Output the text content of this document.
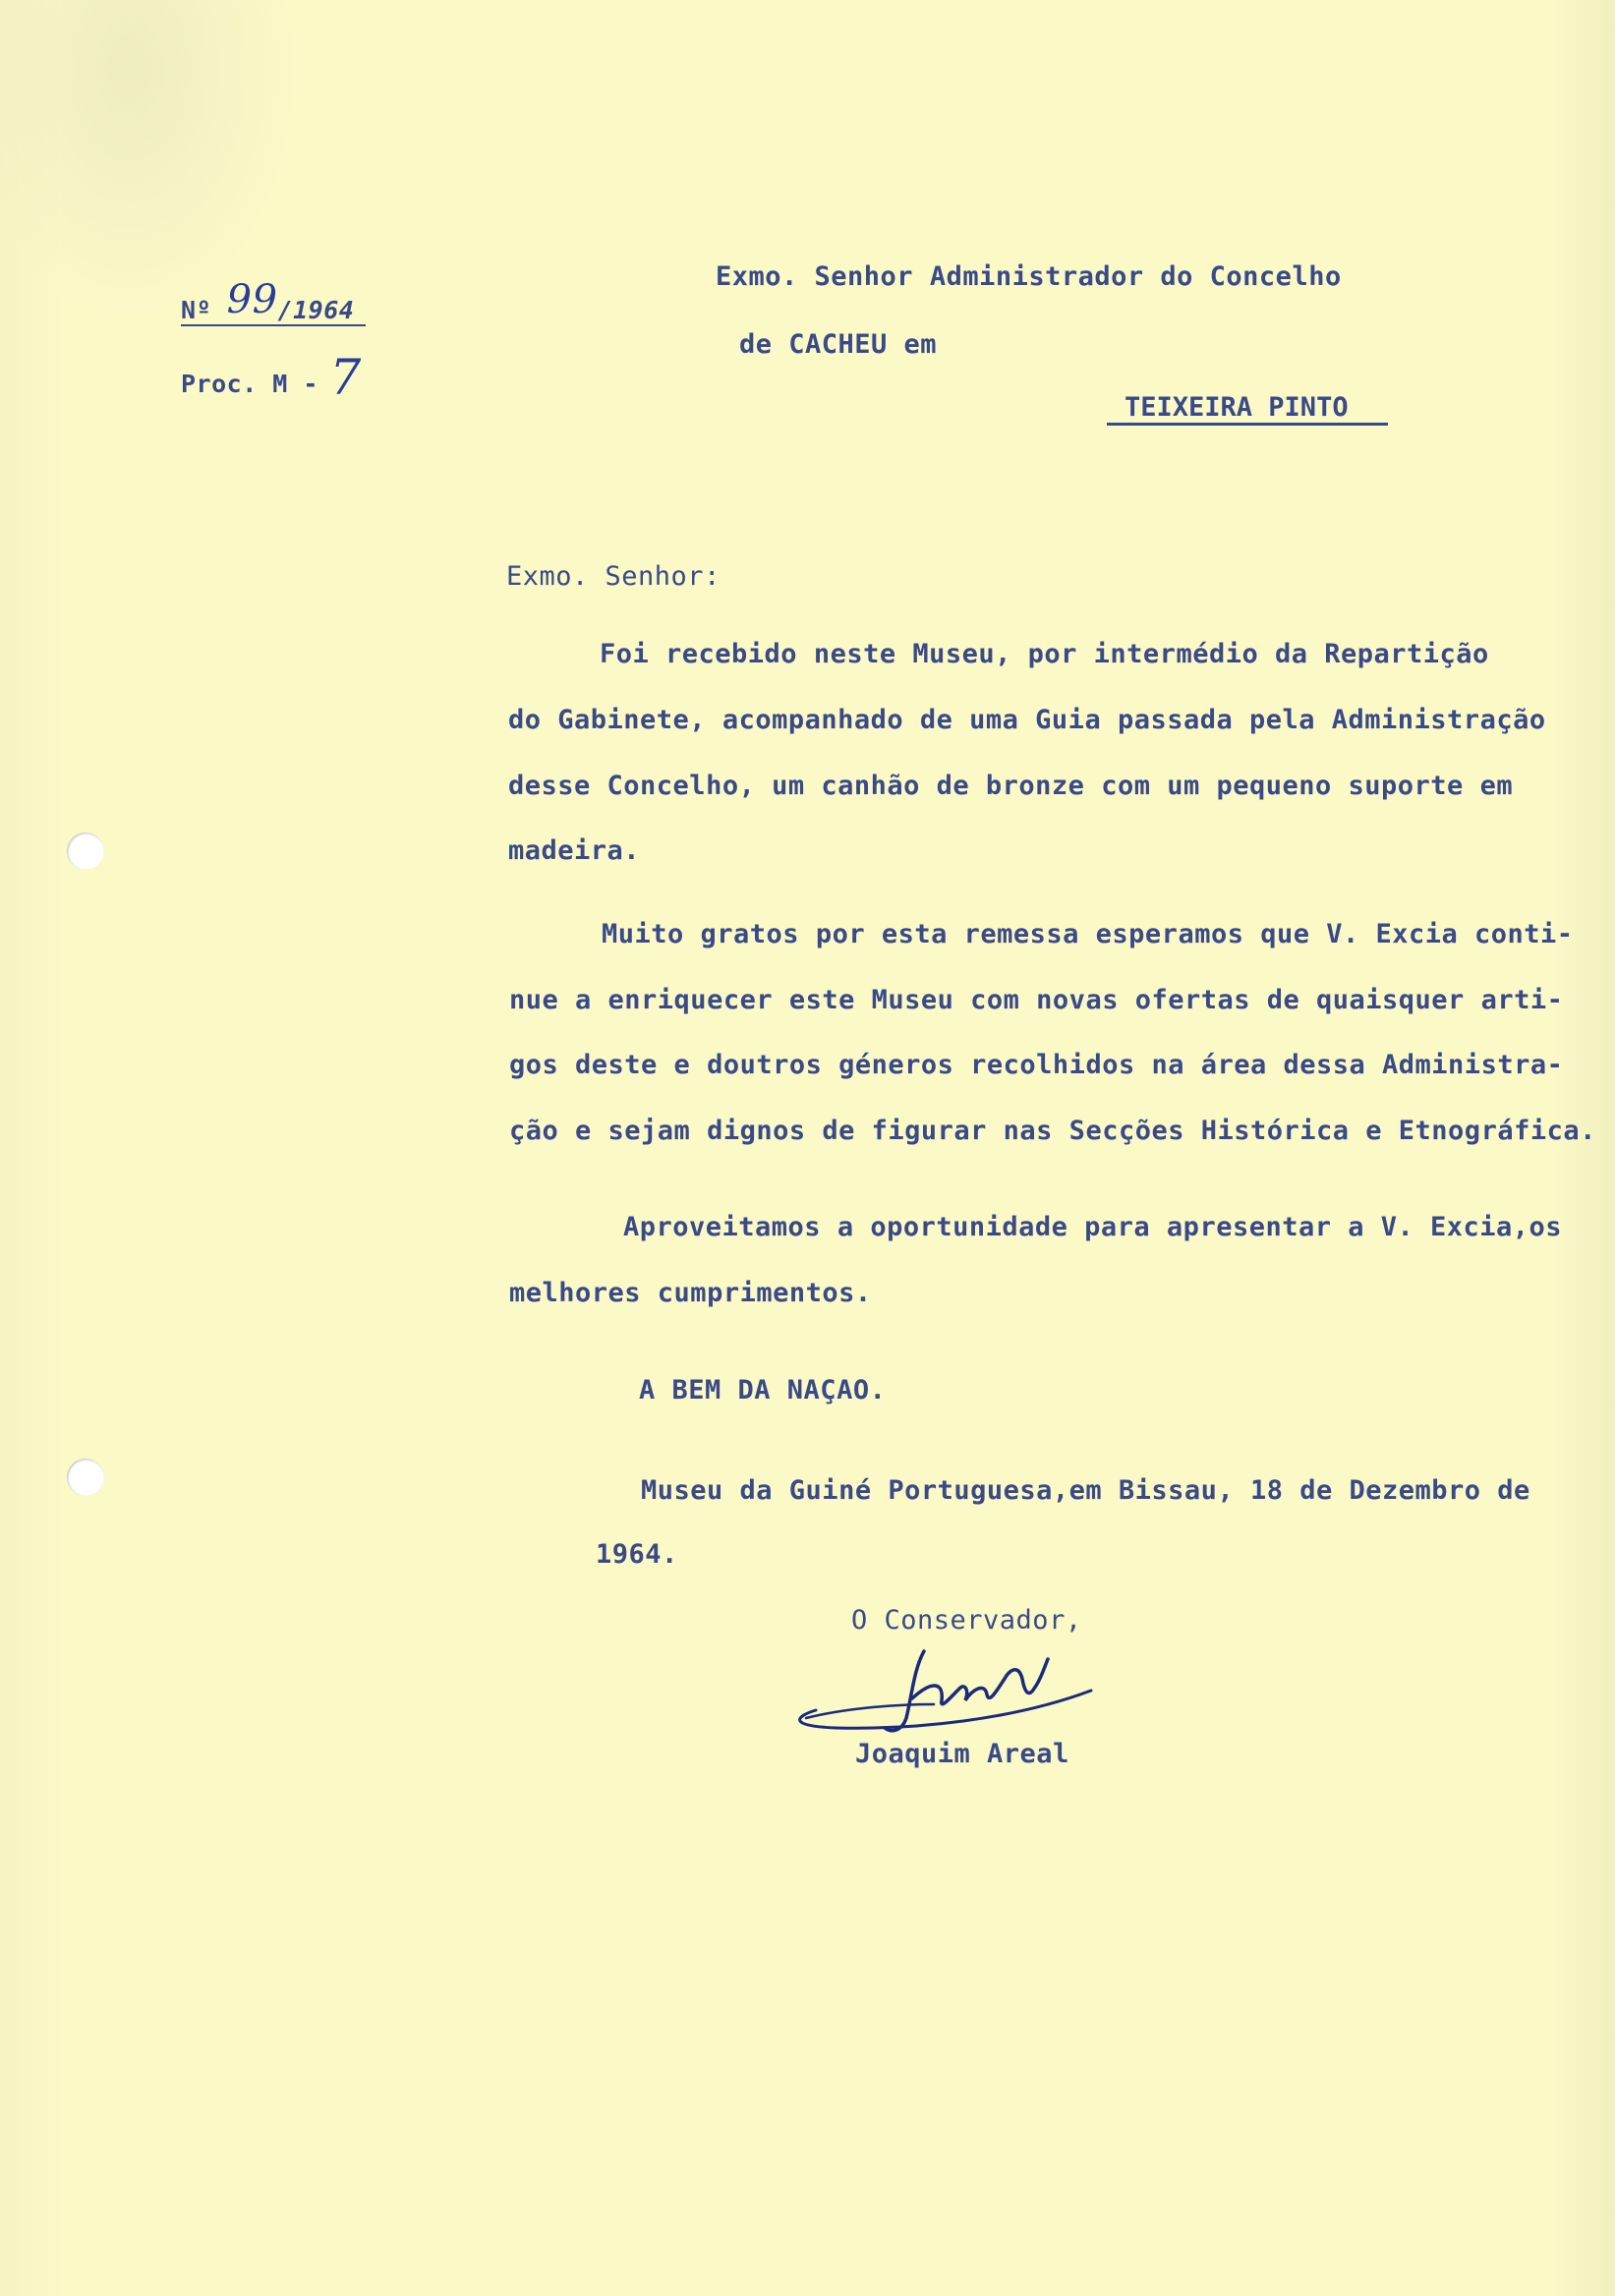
Nº 99/1964
Proc. M - 7
Exmo. Senhor Administrador do Concelho
de CACHEU em
TEIXEIRA PINTO
Exmo. Senhor:
Foi recebido neste Museu, por intermédio da Repartição
do Gabinete, acompanhado de uma Guia passada pela Administração
desse Concelho, um canhão de bronze com um pequeno suporte em
madeira.
Muito gratos por esta remessa esperamos que V. Excia conti-
nue a enriquecer este Museu com novas ofertas de quaisquer arti-
gos deste e doutros géneros recolhidos na área dessa Administra-
ção e sejam dignos de figurar nas Secções Histórica e Etnográfica.
Aproveitamos a oportunidade para apresentar a V. Excia,os
melhores cumprimentos.
A BEM DA NAÇAO.
Museu da Guiné Portuguesa,em Bissau, 18 de Dezembro de
1964.
O Conservador,
Joaquim Areal
